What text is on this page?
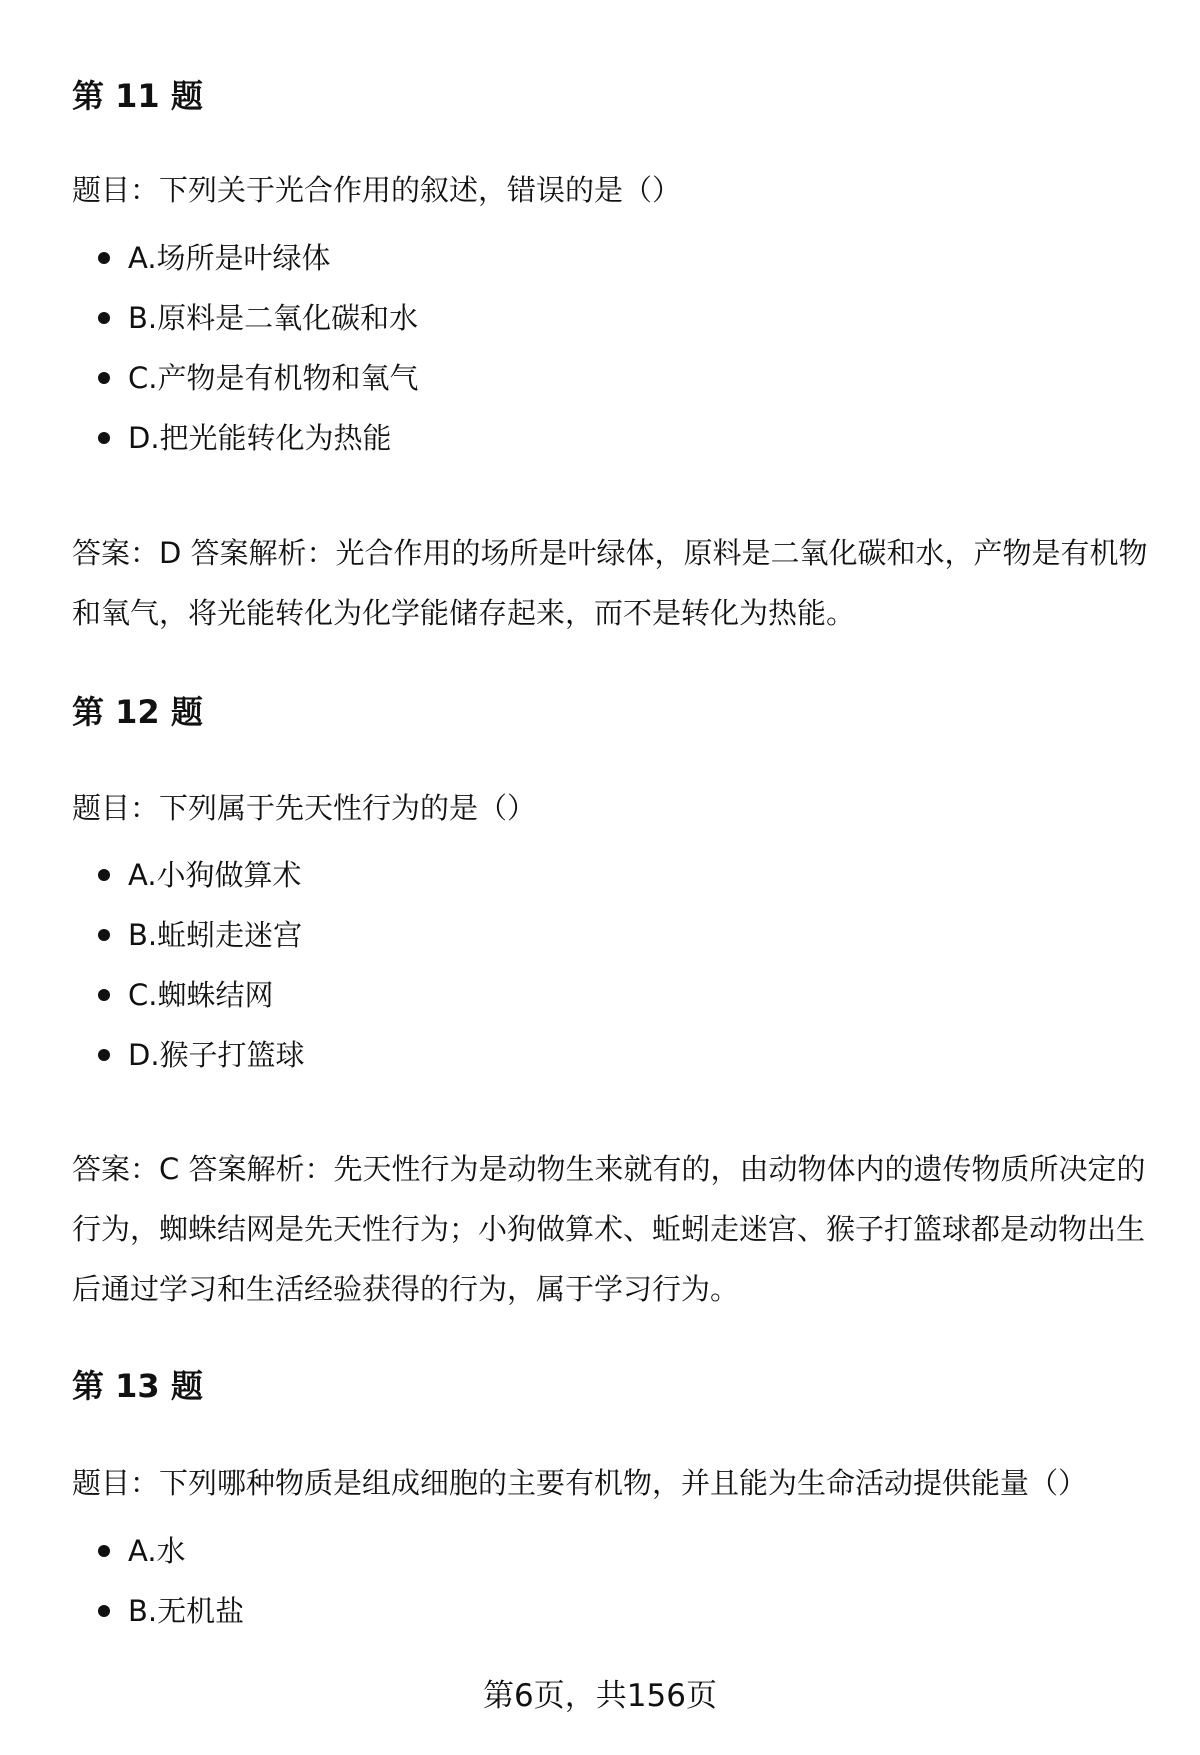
第 11 题

题目：下列关于光合作用的叙述，错误的是（）

A.场所是叶绿体
B.原料是二氧化碳和水
C.产物是有机物和氧气
D.把光能转化为热能

答案：D 答案解析：光合作用的场所是叶绿体，原料是二氧化碳和水，产物是有机物和氧气，将光能转化为化学能储存起来，而不是转化为热能。

第 12 题

题目：下列属于先天性行为的是（）

A.小狗做算术
B.蚯蚓走迷宫
C.蜘蛛结网
D.猴子打篮球

答案：C 答案解析：先天性行为是动物生来就有的，由动物体内的遗传物质所决定的行为，蜘蛛结网是先天性行为；小狗做算术、蚯蚓走迷宫、猴子打篮球都是动物出生后通过学习和生活经验获得的行为，属于学习行为。

第 13 题

题目：下列哪种物质是组成细胞的主要有机物，并且能为生命活动提供能量（）

A.水
B.无机盐
第6页，共156页
